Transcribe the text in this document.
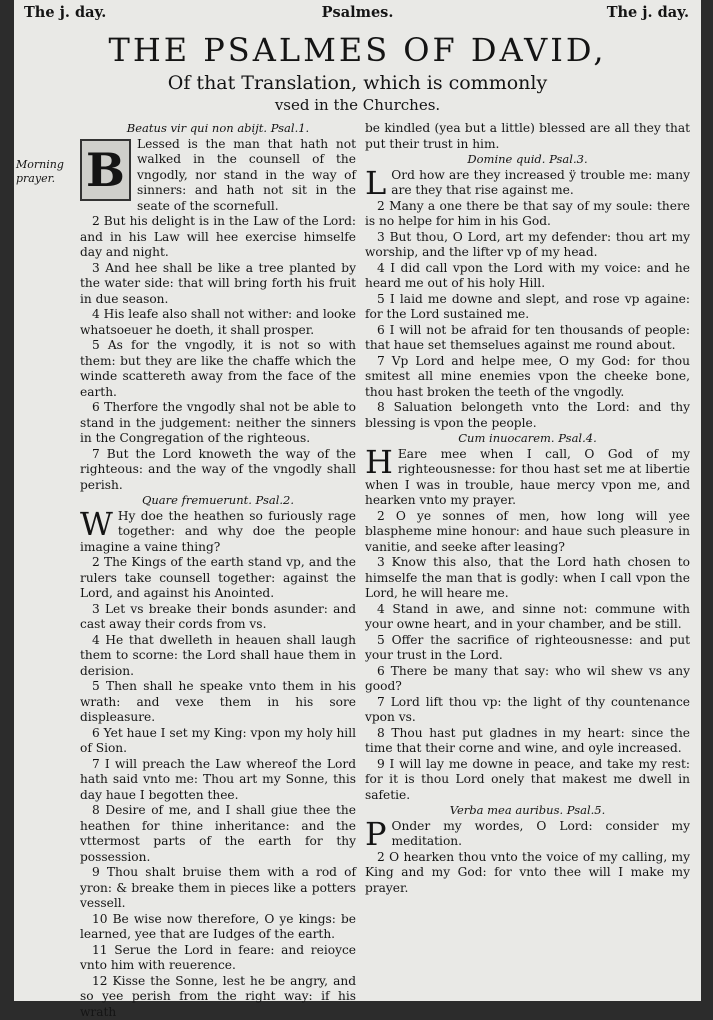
The j. day.	Psalmes.	The j. day.
THE PSALMES OF DAVID,
Of that Translation, which is commonly
vsed in the Churches.
Morning prayer.

Beatus vir qui non abijt. Psal.1.

B Lessed is the man that hath not walked in the counsell of the vngodly, nor stand in the way of sinners: and hath not sit in the seate of the scornefull.

2 But his delight is in the Law of the Lord: and in his Law will hee exercise himselfe day and night.

3 And hee shall be like a tree planted by the water side: that will bring forth his fruit in due season.

4 His leafe also shall not wither: and looke whatsoeuer he doeth, it shall prosper.

5 As for the vngodly, it is not so with them: but they are like the chaffe which the winde scattereth away from the face of the earth.

6 Therfore the vngodly shal not be able to stand in the judgement: neither the sinners in the Congregation of the righteous.

7 But the Lord knoweth the way of the righteous: and the way of the vngodly shall perish.

Quare fremuerunt. Psal.2.

W Hy doe the heathen so furiously rage together: and why doe the people imagine a vaine thing?

2 The Kings of the earth stand vp, and the rulers take counsell together: against the Lord, and against his Anointed.

3 Let vs breake their bonds asunder: and cast away their cords from vs.

4 He that dwelleth in heauen shall laugh them to scorne: the Lord shall haue them in derision.

5 Then shall he speake vnto them in his wrath: and vexe them in his sore displeasure.

6 Yet haue I set my King: vpon my holy hill of Sion.

7 I will preach the Law whereof the Lord hath said vnto me: Thou art my Sonne, this day haue I begotten thee.

8 Desire of me, and I shall giue thee the heathen for thine inheritance: and the vttermost parts of the earth for thy possession.

9 Thou shalt bruise them with a rod of yron: & breake them in pieces like a potters vessell.

10 Be wise now therefore, O ye kings: be learned, yee that are Iudges of the earth.

11 Serue the Lord in feare: and reioyce vnto him with reuerence.

12 Kisse the Sonne, lest he be angry, and so yee perish from the right way: if his wrath

be kindled (yea but a little) blessed are all they that put their trust in him.

Domine quid. Psal.3.

L Ord how are they increased ÿ trouble me: many are they that rise against me.

2 Many a one there be that say of my soule: there is no helpe for him in his God.

3 But thou, O Lord, art my defender: thou art my worship, and the lifter vp of my head.

4 I did call vpon the Lord with my voice: and he heard me out of his holy Hill.

5 I laid me downe and slept, and rose vp againe: for the Lord sustained me.

6 I will not be afraid for ten thousands of people: that haue set themselues against me round about.

7 Vp Lord and helpe mee, O my God: for thou smitest all mine enemies vpon the cheeke bone, thou hast broken the teeth of the vngodly.

8 Saluation belongeth vnto the Lord: and thy blessing is vpon the people.

Cum inuocarem. Psal.4.

H Eare mee when I call, O God of my righteousnesse: for thou hast set me at libertie when I was in trouble, haue mercy vpon me, and hearken vnto my prayer.

2 O ye sonnes of men, how long will yee blaspheme mine honour: and haue such pleasure in vanitie, and seeke after leasing?

3 Know this also, that the Lord hath chosen to himselfe the man that is godly: when I call vpon the Lord, he will heare me.

4 Stand in awe, and sinne not: commune with your owne heart, and in your chamber, and be still.

5 Offer the sacrifice of righteousnesse: and put your trust in the Lord.

6 There be many that say: who wil shew vs any good?

7 Lord lift thou vp: the light of thy countenance vpon vs.

8 Thou hast put gladnes in my heart: since the time that their corne and wine, and oyle increased.

9 I will lay me downe in peace, and take my rest: for it is thou Lord onely that makest me dwell in safetie.

Verba mea auribus. Psal.5.

P Onder my wordes, O Lord: consider my meditation.

2 O hearken thou vnto the voice of my calling, my King and my God: for vnto thee will I make my prayer.
